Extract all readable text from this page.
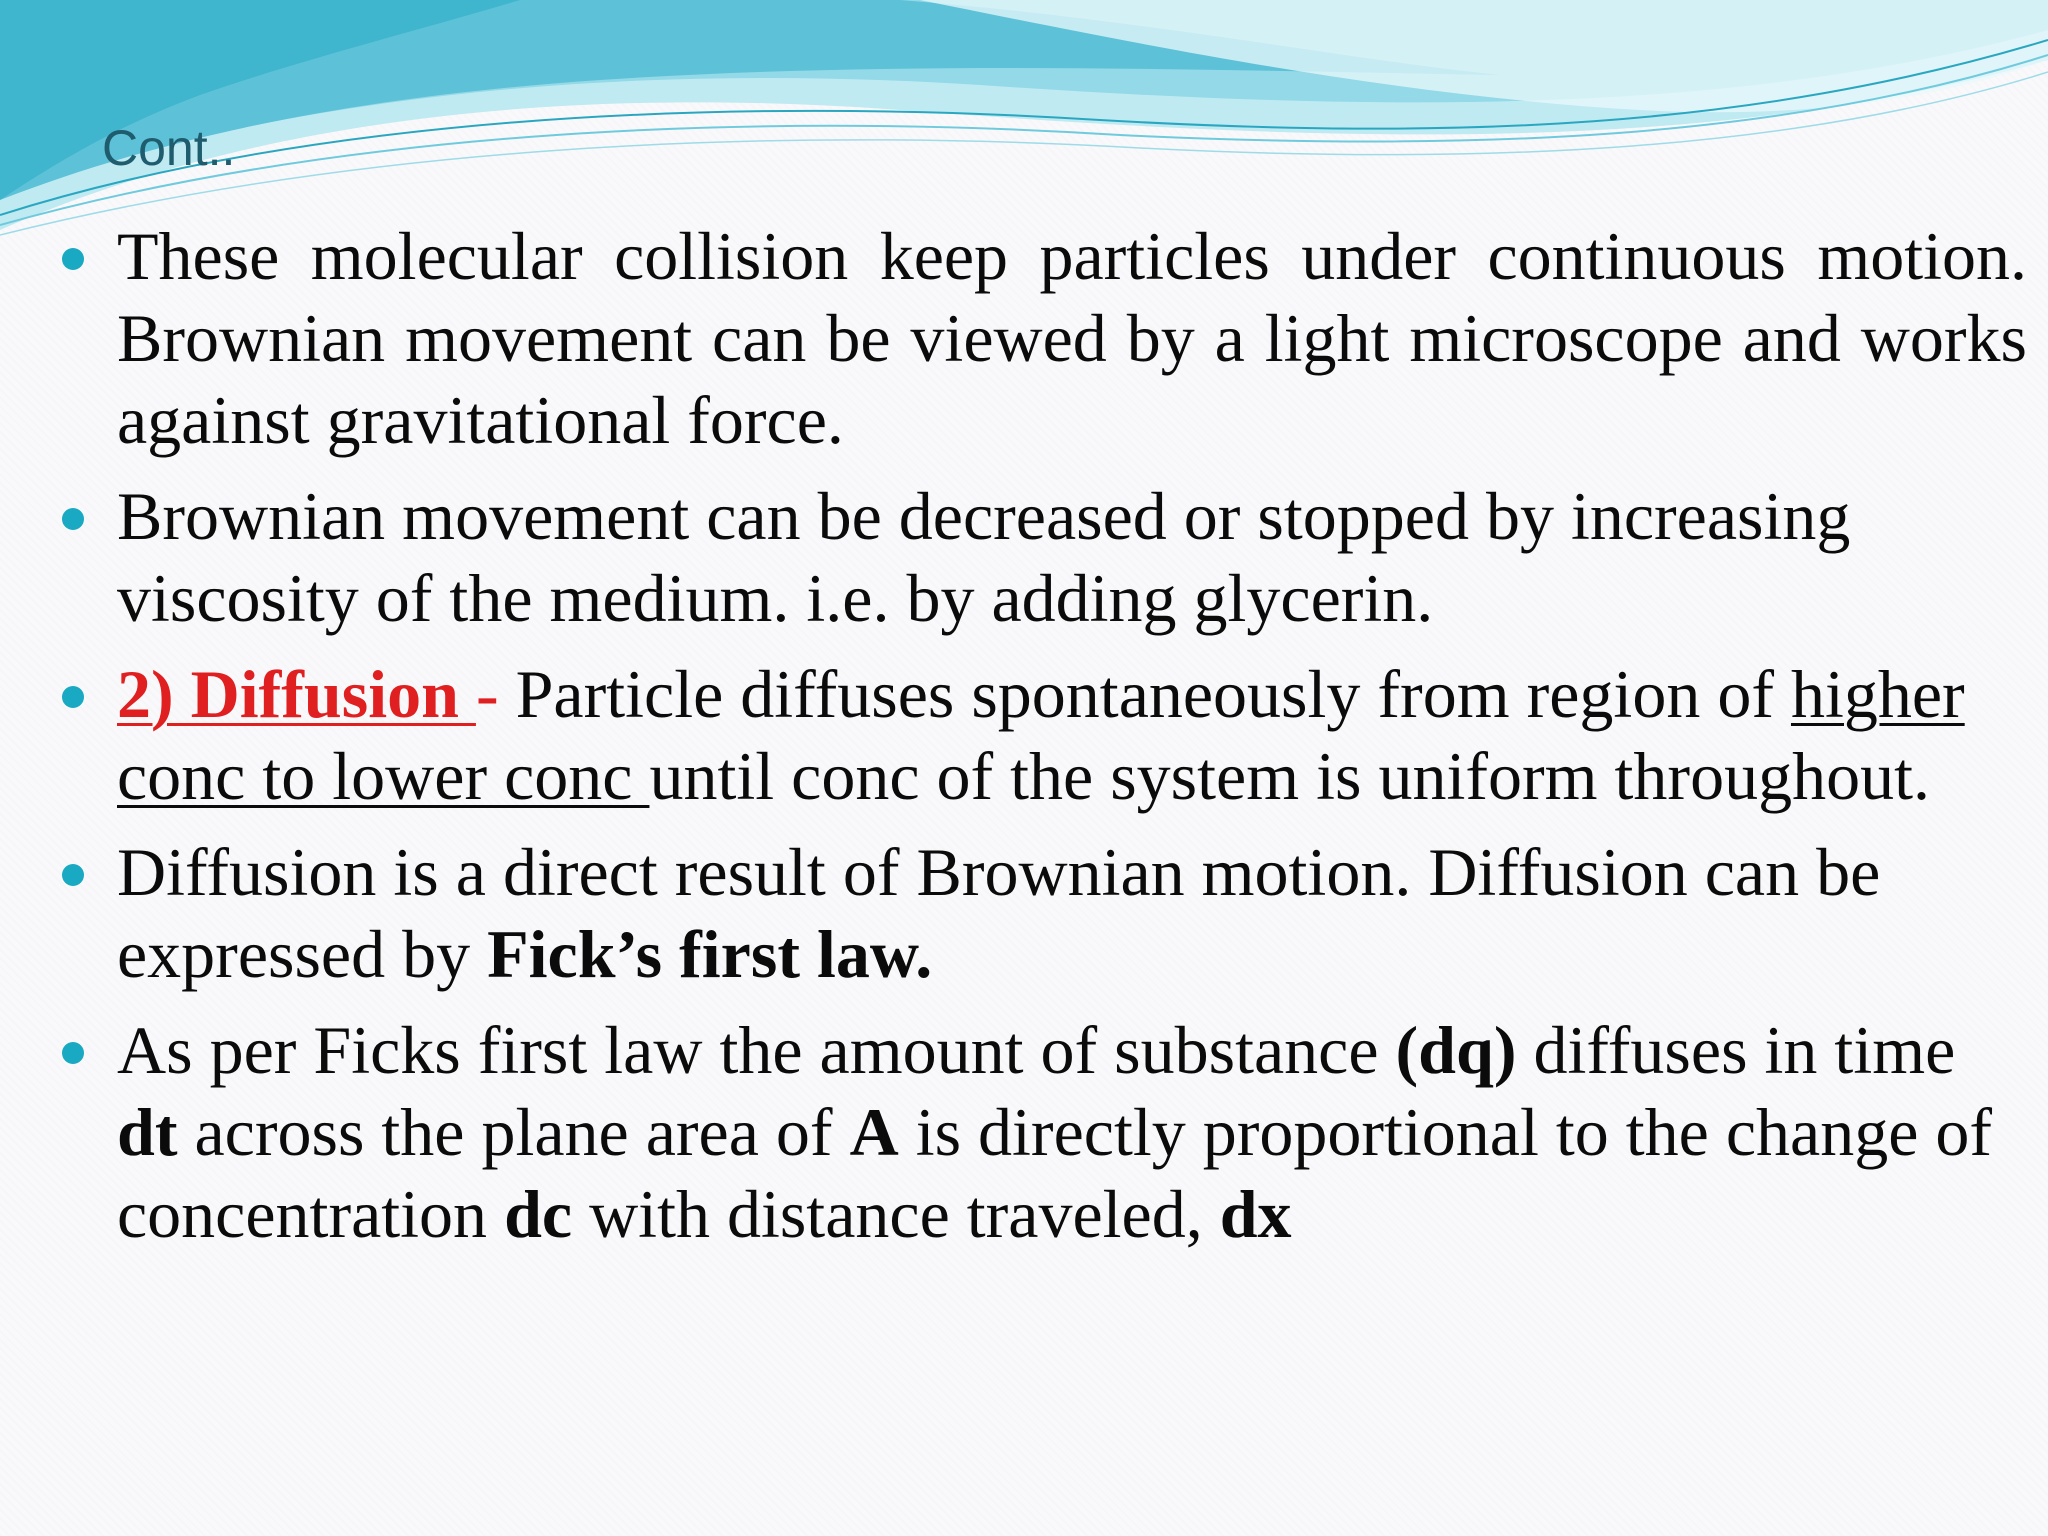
Cont..
These molecular collision keep particles under continuous motion. Brownian movement can be viewed by a light microscope and works against gravitational force.
Brownian movement can be decreased or stopped by increasing viscosity of the medium. i.e. by adding glycerin.
2) Diffusion - Particle diffuses spontaneously from region of higher conc to lower conc until conc of the system is uniform throughout.
Diffusion is a direct result of Brownian motion. Diffusion can be expressed by Fick’s first law.
As per Ficks first law the amount of substance (dq) diffuses in time dt across the plane area of A is directly proportional to the change of concentration dc with distance traveled, dx
